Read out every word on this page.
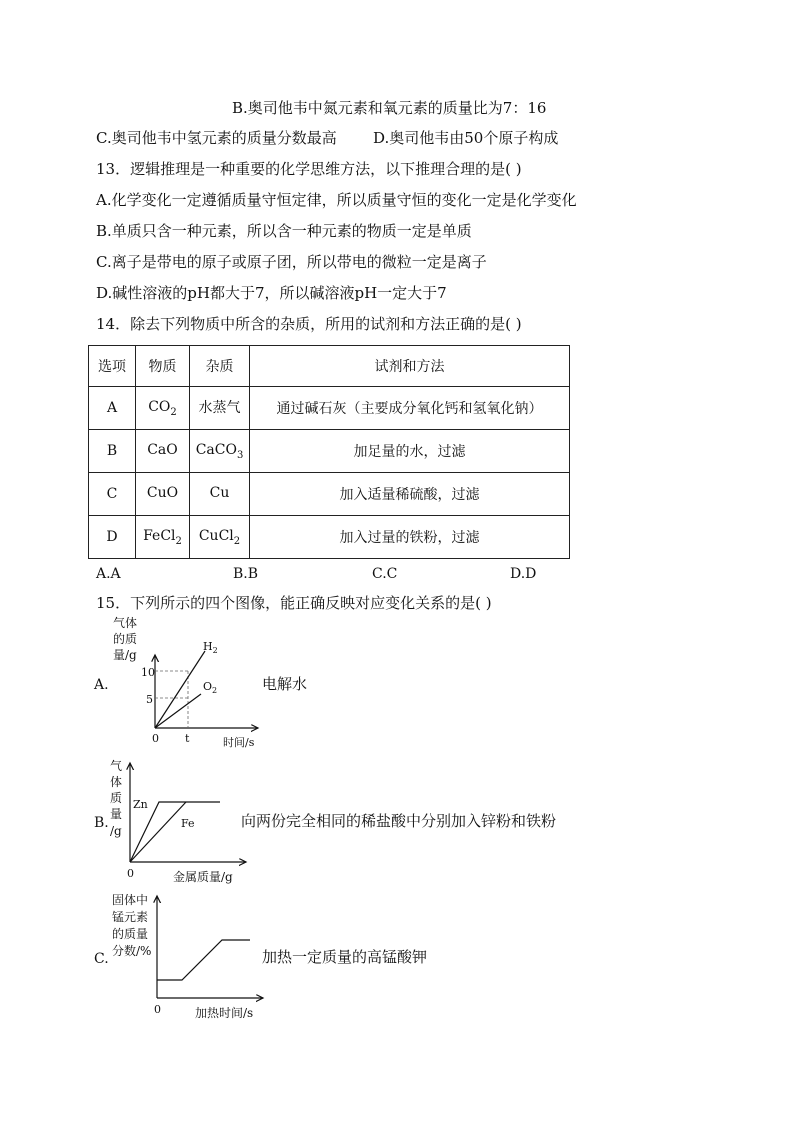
B.奥司他韦中氮元素和氧元素的质量比为7：16
C.奥司他韦中氢元素的质量分数最高 D.奥司他韦由50个原子构成
13．逻辑推理是一种重要的化学思维方法，以下推理合理的是( )
A.化学变化一定遵循质量守恒定律，所以质量守恒的变化一定是化学变化
B.单质只含一种元素，所以含一种元素的物质一定是单质
C.离子是带电的原子或原子团，所以带电的微粒一定是离子
D.碱性溶液的pH都大于7，所以碱溶液pH一定大于7
14．除去下列物质中所含的杂质，所用的试剂和方法正确的是( )
选项	物质	杂质	试剂和方法
A	$CO_2$	水蒸气	通过碱石灰（主要成分氧化钙和氢氧化钠）
B	CaO	CaCO$_3$	加足量的水，过滤
C	CuO	Cu	加入适量稀硫酸，过滤
D	FeCl$_2$	CuCl$_2$	加入过量的铁粉，过滤
A.A	B.B	C.C	D.D
15．下列所示的四个图像，能正确反映对应变化关系的是( )
A.
10
5
0 t	时间/s
$H_2$
$O_2$
气体
的质
量/g
电解水
B.
Zn
Fe
0	金属质量/g
气
体
质
量
/g
向两份完全相同的稀盐酸中分别加入锌粉和铁粉
C.
0	加热时间/s
固体中
锰元素
的质量
分数/%	加热一定质量的高锰酸钾
